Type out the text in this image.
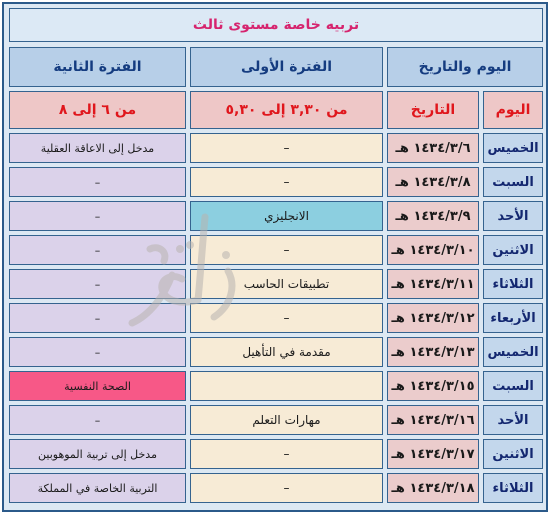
تربيه خاصة مستوى ثالث
اليوم والتاريخ
الفترة الأولى
الفترة الثانية
اليوم
التاريخ
من ٣,٣٠ إلى ٥,٣٠
من ٦ إلى ٨
الخميس
١٤٣٤/٣/٦ هـ
–
مدخل إلى الاعاقة العقلية
السبت
١٤٣٤/٣/٨ هـ
–
–
الأحد
١٤٣٤/٣/٩ هـ
الانجليزي
–
الاثنين
١٤٣٤/٣/١٠ هـ
–
–
الثلاثاء
١٤٣٤/٣/١١ هـ
تطبيقات الحاسب
–
الأربعاء
١٤٣٤/٣/١٢ هـ
–
–
الخميس
١٤٣٤/٣/١٣ هـ
مقدمة في التأهيل
–
السبت
١٤٣٤/٣/١٥ هـ
الصحة النفسية
الأحد
١٤٣٤/٣/١٦ هـ
مهارات التعلم
–
الاثنين
١٤٣٤/٣/١٧ هـ
–
مدخل إلى تربية الموهوبين
الثلاثاء
١٤٣٤/٣/١٨ هـ
–
التربية الخاصة في المملكة
